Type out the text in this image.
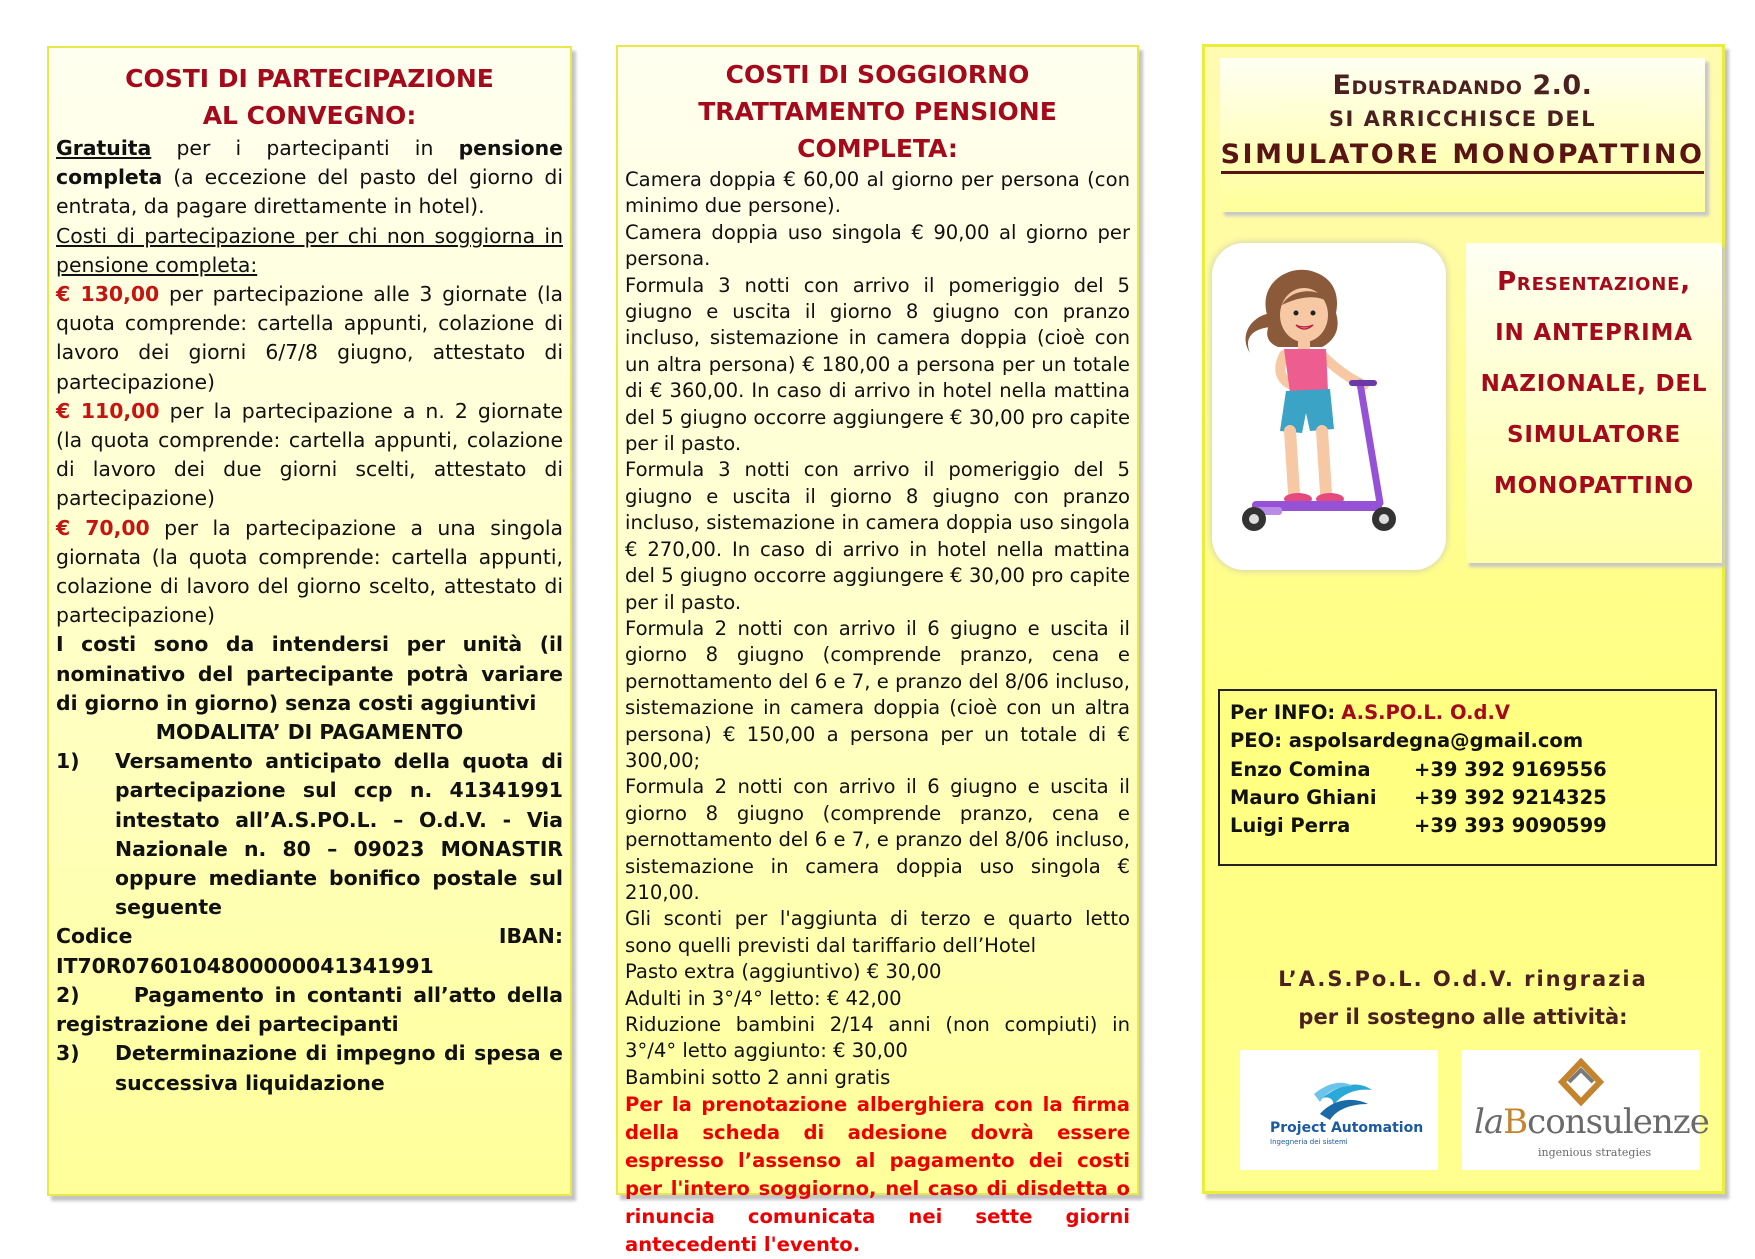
COSTI DI PARTECIPAZIONE
AL CONVEGNO:
Gratuita per i partecipanti in pensione completa (a eccezione del pasto del giorno di entrata, da pagare direttamente in hotel).
Costi di partecipazione per chi non soggiorna in pensione completa:
€ 130,00 per partecipazione alle 3 giornate (la quota comprende: cartella appunti, colazione di lavoro dei giorni 6/7/8 giugno, attestato di partecipazione)
€ 110,00 per la partecipazione a n. 2 giornate (la quota comprende: cartella appunti, colazione di lavoro dei due giorni scelti, attestato di partecipazione)
€ 70,00 per la partecipazione a una singola giornata (la quota comprende: cartella appunti, colazione di lavoro del giorno scelto, attestato di partecipazione)
I costi sono da intendersi per unità (il nominativo del partecipante potrà variare di giorno in giorno) senza costi aggiuntivi
MODALITA’ DI PAGAMENTO
1)	Versamento anticipato della quota di partecipazione sul ccp n. 41341991 intestato all’A.S.PO.L. – O.d.V. - Via Nazionale n. 80 – 09023 MONASTIR oppure mediante bonifico postale sul seguente
Codice IBAN: IT70R0760104800000041341991
2)     Pagamento in contanti all’atto della registrazione dei partecipanti
3)	Determinazione di impegno di spesa e successiva liquidazione
COSTI DI SOGGIORNO
TRATTAMENTO PENSIONE COMPLETA:
Camera doppia € 60,00 al giorno per persona (con minimo due persone).
Camera doppia uso singola € 90,00 al giorno per persona.
Formula 3 notti con arrivo il pomeriggio del 5 giugno e uscita il giorno 8 giugno con pranzo incluso, sistemazione in camera doppia (cioè con un altra persona) € 180,00 a persona per un totale di € 360,00. In caso di arrivo in hotel nella mattina del 5 giugno occorre aggiungere € 30,00 pro capite per il pasto.
Formula 3 notti con arrivo il pomeriggio del 5 giugno e uscita il giorno 8 giugno con pranzo incluso, sistemazione in camera doppia uso singola € 270,00. In caso di arrivo in hotel nella mattina del 5 giugno occorre aggiungere € 30,00 pro capite per il pasto.
Formula 2 notti con arrivo il 6 giugno e uscita il giorno 8 giugno (comprende pranzo, cena e pernottamento del 6 e 7, e pranzo del 8/06 incluso, sistemazione in camera doppia (cioè con un altra persona) € 150,00 a persona per un totale di € 300,00;
Formula 2 notti con arrivo il 6 giugno e uscita il giorno 8 giugno (comprende pranzo, cena e pernottamento del 6 e 7, e pranzo del 8/06 incluso, sistemazione in camera doppia uso singola € 210,00.
Gli sconti per l'aggiunta di terzo e quarto letto sono quelli previsti dal tariffario dell’Hotel
Pasto extra (aggiuntivo) € 30,00
Adulti in 3°/4° letto: € 42,00
Riduzione bambini 2/14 anni (non compiuti) in 3°/4° letto aggiunto: € 30,00
Bambini sotto 2 anni gratis
Per la prenotazione alberghiera con la firma della scheda di adesione dovrà essere espresso l’assenso al pagamento dei costi per l'intero soggiorno, nel caso di disdetta o rinuncia comunicata nei sette giorni antecedenti l'evento.
Edustradando 2.0.
SI ARRICCHISCE DEL
SIMULATORE MONOPATTINO
Presentazione,
IN ANTEPRIMA
NAZIONALE, DEL
SIMULATORE
MONOPATTINO
Per INFO: A.S.PO.L. O.d.V
PEO: aspolsardegna@gmail.com
Enzo Comina	+39 392 9169556
Mauro Ghiani	+39 392 9214325
Luigi Perra	+39 393 9090599
L’A.S.Po.L. O.d.V. ringrazia
per il sostegno alle attività:
Project Automation
Ingegneria dei sistemi	laBconsulenze
ingenious strategies
